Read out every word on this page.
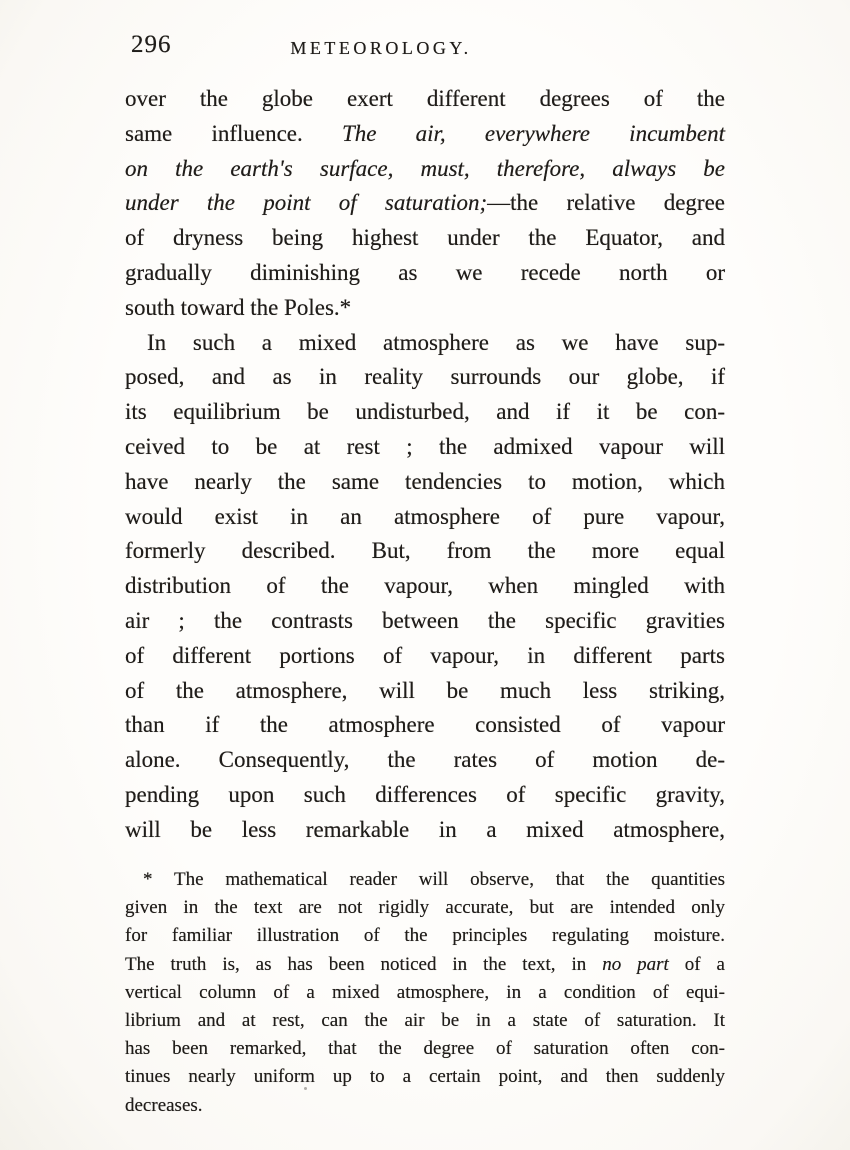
296	METEOROLOGY.
over the globe exert different degrees of the
same influence. The air, everywhere incumbent
on the earth's surface, must, therefore, always be
under the point of saturation;—the relative degree
of dryness being highest under the Equator, and
gradually diminishing as we recede north or
south toward the Poles.*
In such a mixed atmosphere as we have sup-
posed, and as in reality surrounds our globe, if
its equilibrium be undisturbed, and if it be con-
ceived to be at rest ; the admixed vapour will
have nearly the same tendencies to motion, which
would exist in an atmosphere of pure vapour,
formerly described. But, from the more equal
distribution of the vapour, when mingled with
air ; the contrasts between the specific gravities
of different portions of vapour, in different parts
of the atmosphere, will be much less striking,
than if the atmosphere consisted of vapour
alone. Consequently, the rates of motion de-
pending upon such differences of specific gravity,
will be less remarkable in a mixed atmosphere,
* The mathematical reader will observe, that the quantities
given in the text are not rigidly accurate, but are intended only
for familiar illustration of the principles regulating moisture.
The truth is, as has been noticed in the text, in no part of a
vertical column of a mixed atmosphere, in a condition of equi-
librium and at rest, can the air be in a state of saturation. It
has been remarked, that the degree of saturation often con-
tinues nearly uniform up to a certain point, and then suddenly
decreases.
